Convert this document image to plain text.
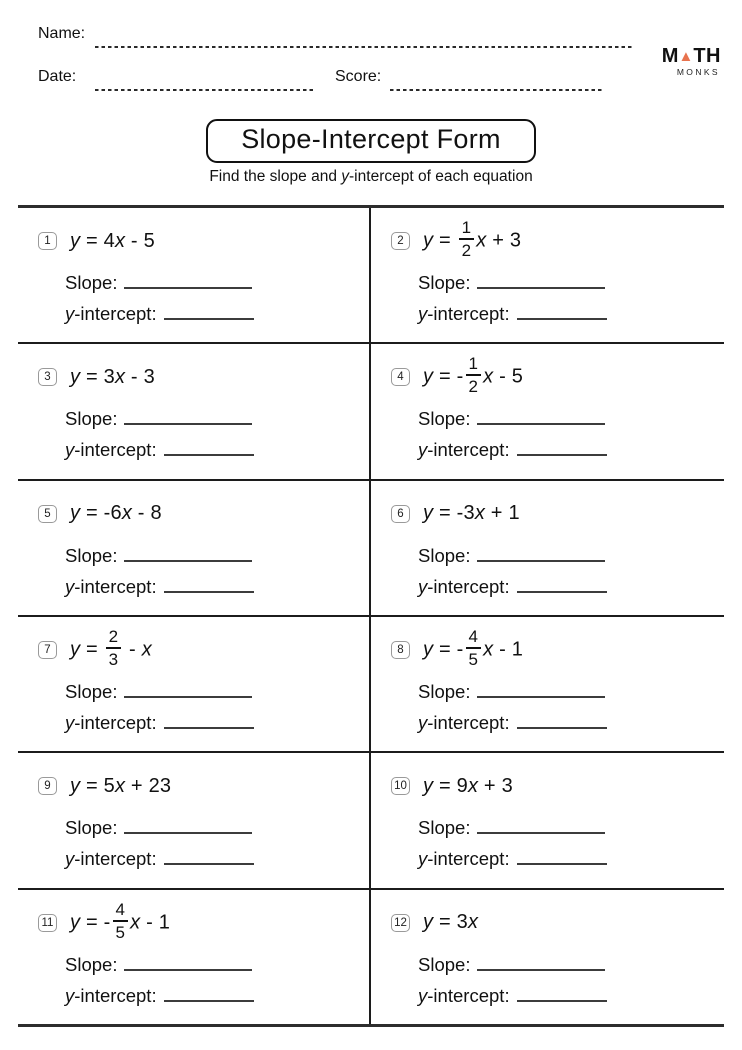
Name:
Date:	Score:
M ▲ TH
MONKS
Slope-Intercept Form
Find the slope and y-intercept of each equation
1 y = 4x - 5
Slope:
y-intercept:
2 $y = \frac{1}{2}$ x + 3
Slope:
y-intercept:
3 y = 3x - 3
Slope:
y-intercept:
4 y = - $\frac{1}{2}$ x - 5
Slope:
y-intercept:
5 y = -6x - 8
Slope:
y-intercept:
6 y = -3x + 1
Slope:
y-intercept:
7 $y = \frac{2}{3} - x$
Slope:
y-intercept:
8 y = - $\frac{4}{5}$ x - 1
Slope:
y-intercept:
9 y = 5x + 23
Slope:
y-intercept:
10 y = 9x + 3
Slope:
y-intercept:
11 y = - $\frac{4}{5}$ x - 1
Slope:
y-intercept:
12 y = 3x
Slope:
y-intercept:
